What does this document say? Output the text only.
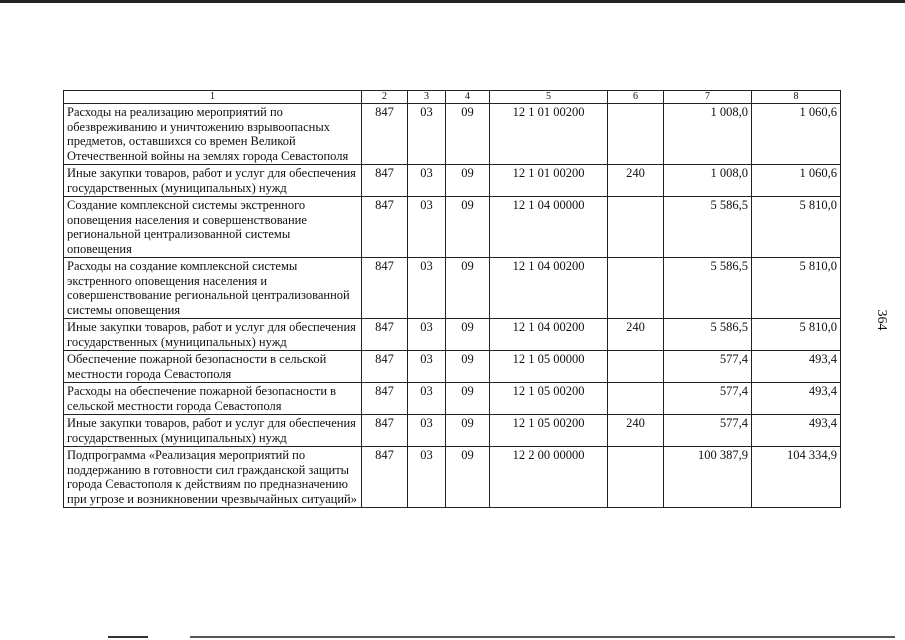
364
1	2	3	4	5	6	7	8
Расходы на реализацию мероприятий по обезвреживанию и уничтожению взрывоопасных предметов, оставшихся со времен Великой Отечественной войны на землях города Севастополя	847	03	09	12 1 01 00200		1 008,0	1 060,6
Иные закупки товаров, работ и услуг для обеспечения государственных (муниципальных) нужд	847	03	09	12 1 01 00200	240	1 008,0	1 060,6
Создание комплексной системы экстренного оповещения населения и совершенствование региональной централизованной системы оповещения	847	03	09	12 1 04 00000		5 586,5	5 810,0
Расходы на создание комплексной системы экстренного оповещения населения и совершенствование региональной централизованной системы оповещения	847	03	09	12 1 04 00200		5 586,5	5 810,0
Иные закупки товаров, работ и услуг для обеспечения государственных (муниципальных) нужд	847	03	09	12 1 04 00200	240	5 586,5	5 810,0
Обеспечение пожарной безопасности в сельской местности города Севастополя	847	03	09	12 1 05 00000		577,4	493,4
Расходы на обеспечение пожарной безопасности в сельской местности города Севастополя	847	03	09	12 1 05 00200		577,4	493,4
Иные закупки товаров, работ и услуг для обеспечения государственных (муниципальных) нужд	847	03	09	12 1 05 00200	240	577,4	493,4
Подпрограмма «Реализация мероприятий по поддержанию в готовности сил гражданской защиты города Севастополя к действиям по предназначению при угрозе и возникновении чрезвычайных ситуаций»	847	03	09	12 2 00 00000		100 387,9	104 334,9
